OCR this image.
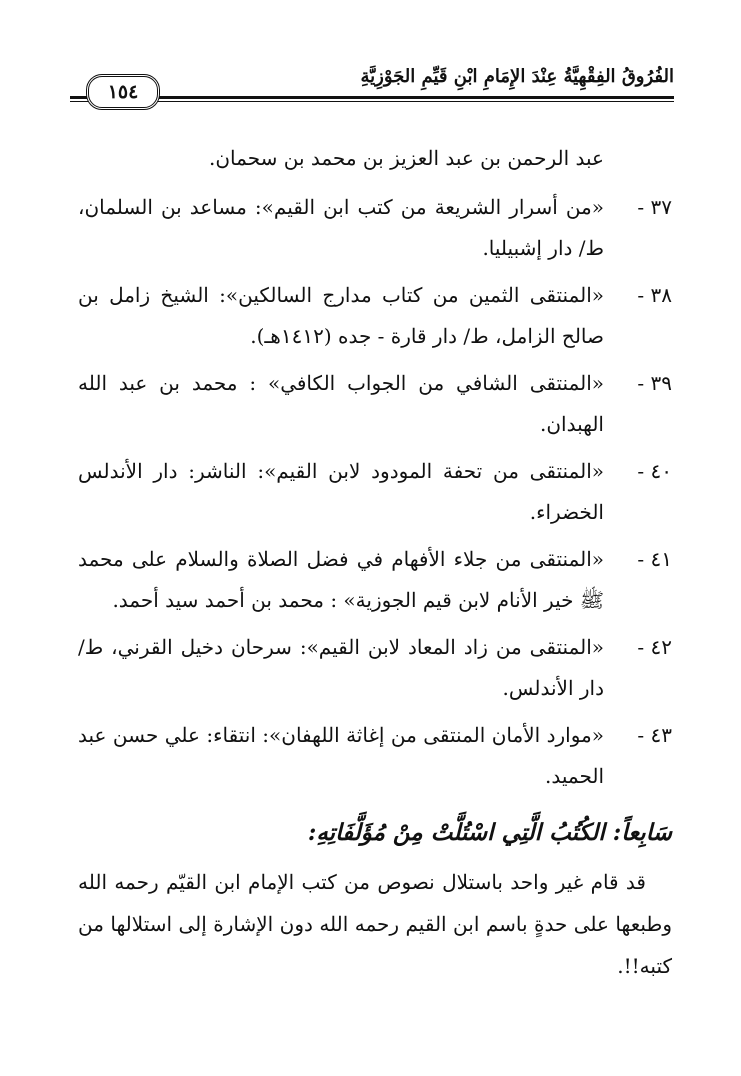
الفُرُوقُ الفِقْهِيَّةُ عِنْدَ الإِمَامِ ابْنِ قَيِّمِ الجَوْزِيَّةِ
١٥٤

عبد الرحمن بن عبد العزيز بن محمد بن سحمان.

٣٧ -
«من أسرار الشريعة من كتب ابن القيم»: مساعد بن السلمان، ط/ دار إشبيليا.
٣٨ -
«المنتقى الثمين من كتاب مدارج السالكين»: الشيخ زامل بن صالح الزامل، ط/ دار قارة - جده (١٤١٢هـ).
٣٩ -
«المنتقى الشافي من الجواب الكافي» : محمد بن عبد الله الهبدان.
٤٠ -
«المنتقى من تحفة المودود لابن القيم»: الناشر: دار الأندلس الخضراء.
٤١ -
«المنتقى من جلاء الأفهام في فضل الصلاة والسلام على محمد ﷺ خير الأنام لابن قيم الجوزية» : محمد بن أحمد سيد أحمد.
٤٢ -
«المنتقى من زاد المعاد لابن القيم»: سرحان دخيل القرني، ط/ دار الأندلس.
٤٣ -
«موارد الأمان المنتقى من إغاثة اللهفان»: انتقاء: علي حسن عبد الحميد.
سَابِعاً: الكُتُبُ الَّتِي اسْتُلَّتْ مِنْ مُؤَلَّفَاتِهِ:

قد قام غير واحد باستلال نصوص من كتب الإمام ابن القيّم رحمه الله وطبعها على حدةٍ باسم ابن القيم رحمه الله دون الإشارة إلى استلالها من كتبه!!.
